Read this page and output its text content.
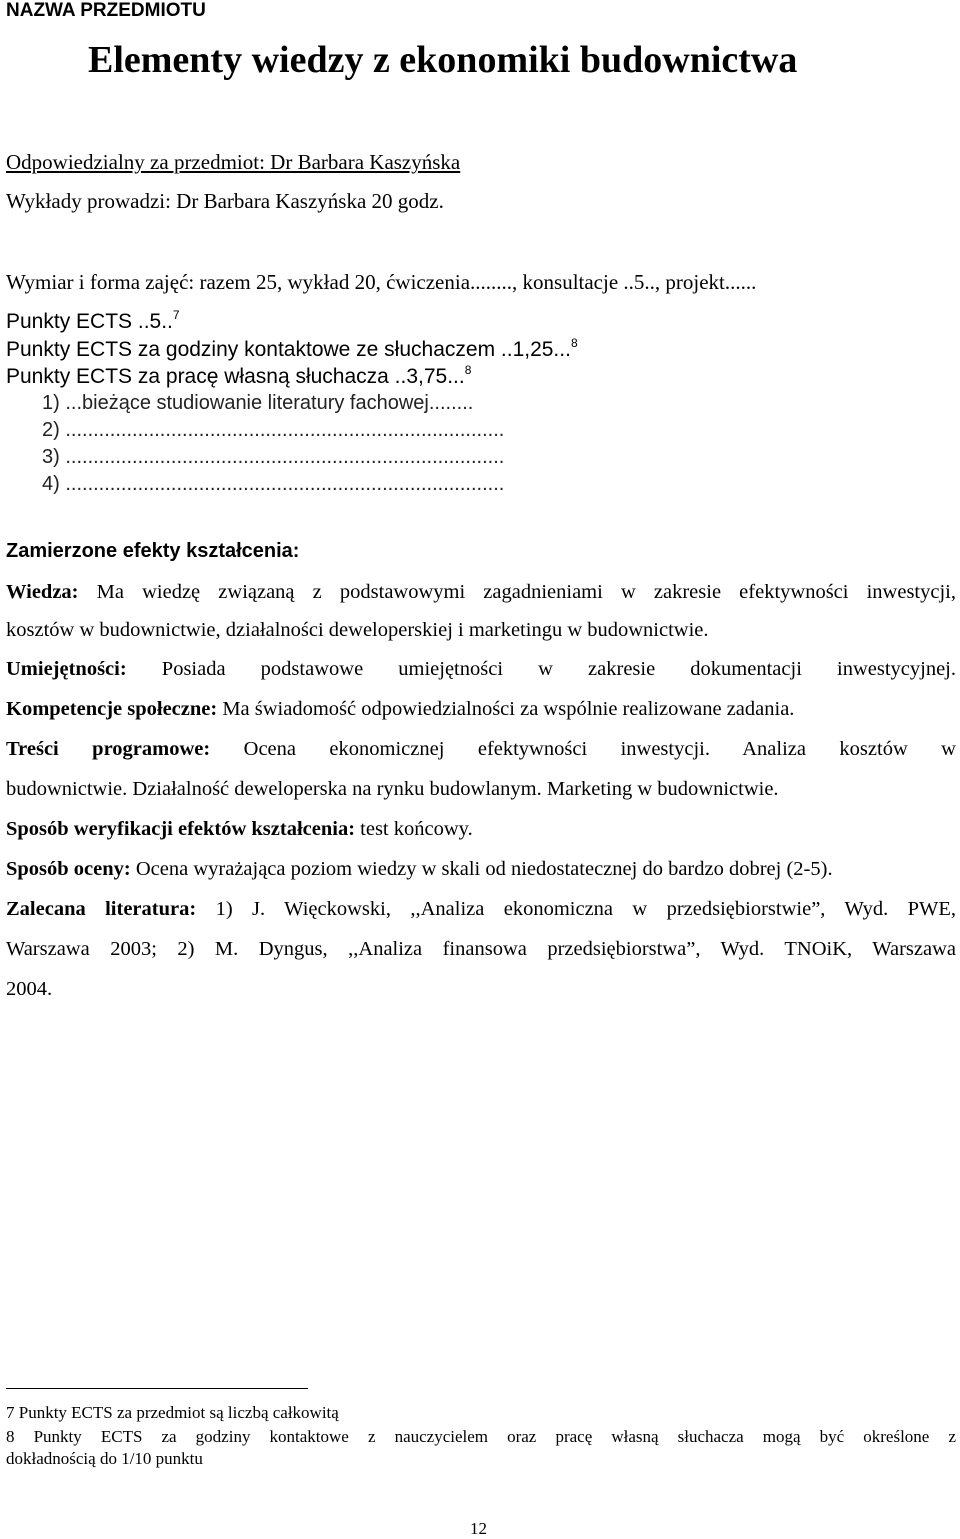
NAZWA PRZEDMIOTU
Elementy wiedzy z ekonomiki budownictwa
Odpowiedzialny za przedmiot: Dr Barbara Kaszyńska
Wykłady prowadzi: Dr Barbara Kaszyńska 20 godz.
Wymiar i forma zajęć: razem 25, wykład 20, ćwiczenia........, konsultacje ..5.., projekt......
Punkty ECTS ..5..$^7$
Punkty ECTS za godziny kontaktowe ze słuchaczem ..1,25...$^8$
Punkty ECTS za pracę własną słuchacza ..3,75...$^8$
1) ...bieżące studiowanie literatury fachowej........
2) ...............................................................................
3) ...............................................................................
4) ...............................................................................
Zamierzone efekty kształcenia:
Wiedza: Ma wiedzę związaną z podstawowymi zagadnieniami w zakresie efektywności inwestycji,
kosztów w budownictwie, działalności deweloperskiej i marketingu w budownictwie.
Umiejętności: Posiada podstawowe umiejętności w zakresie dokumentacji inwestycyjnej.
Kompetencje społeczne: Ma świadomość odpowiedzialności za wspólnie realizowane zadania.
Treści programowe: Ocena ekonomicznej efektywności inwestycji. Analiza kosztów w
budownictwie. Działalność deweloperska na rynku budowlanym. Marketing w budownictwie.
Sposób weryfikacji efektów kształcenia: test końcowy.
Sposób oceny: Ocena wyrażająca poziom wiedzy w skali od niedostatecznej do bardzo dobrej (2-5).
Zalecana literatura: 1) J. Więckowski, ,,Analiza ekonomiczna w przedsiębiorstwie”, Wyd. PWE,
Warszawa 2003; 2) M. Dyngus, ,,Analiza finansowa przedsiębiorstwa”, Wyd. TNOiK, Warszawa
2004.
7 Punkty ECTS za przedmiot są liczbą całkowitą
8 Punkty ECTS za godziny kontaktowe z nauczycielem oraz pracę własną słuchacza mogą być określone z
dokładnością do 1/10 punktu
12
